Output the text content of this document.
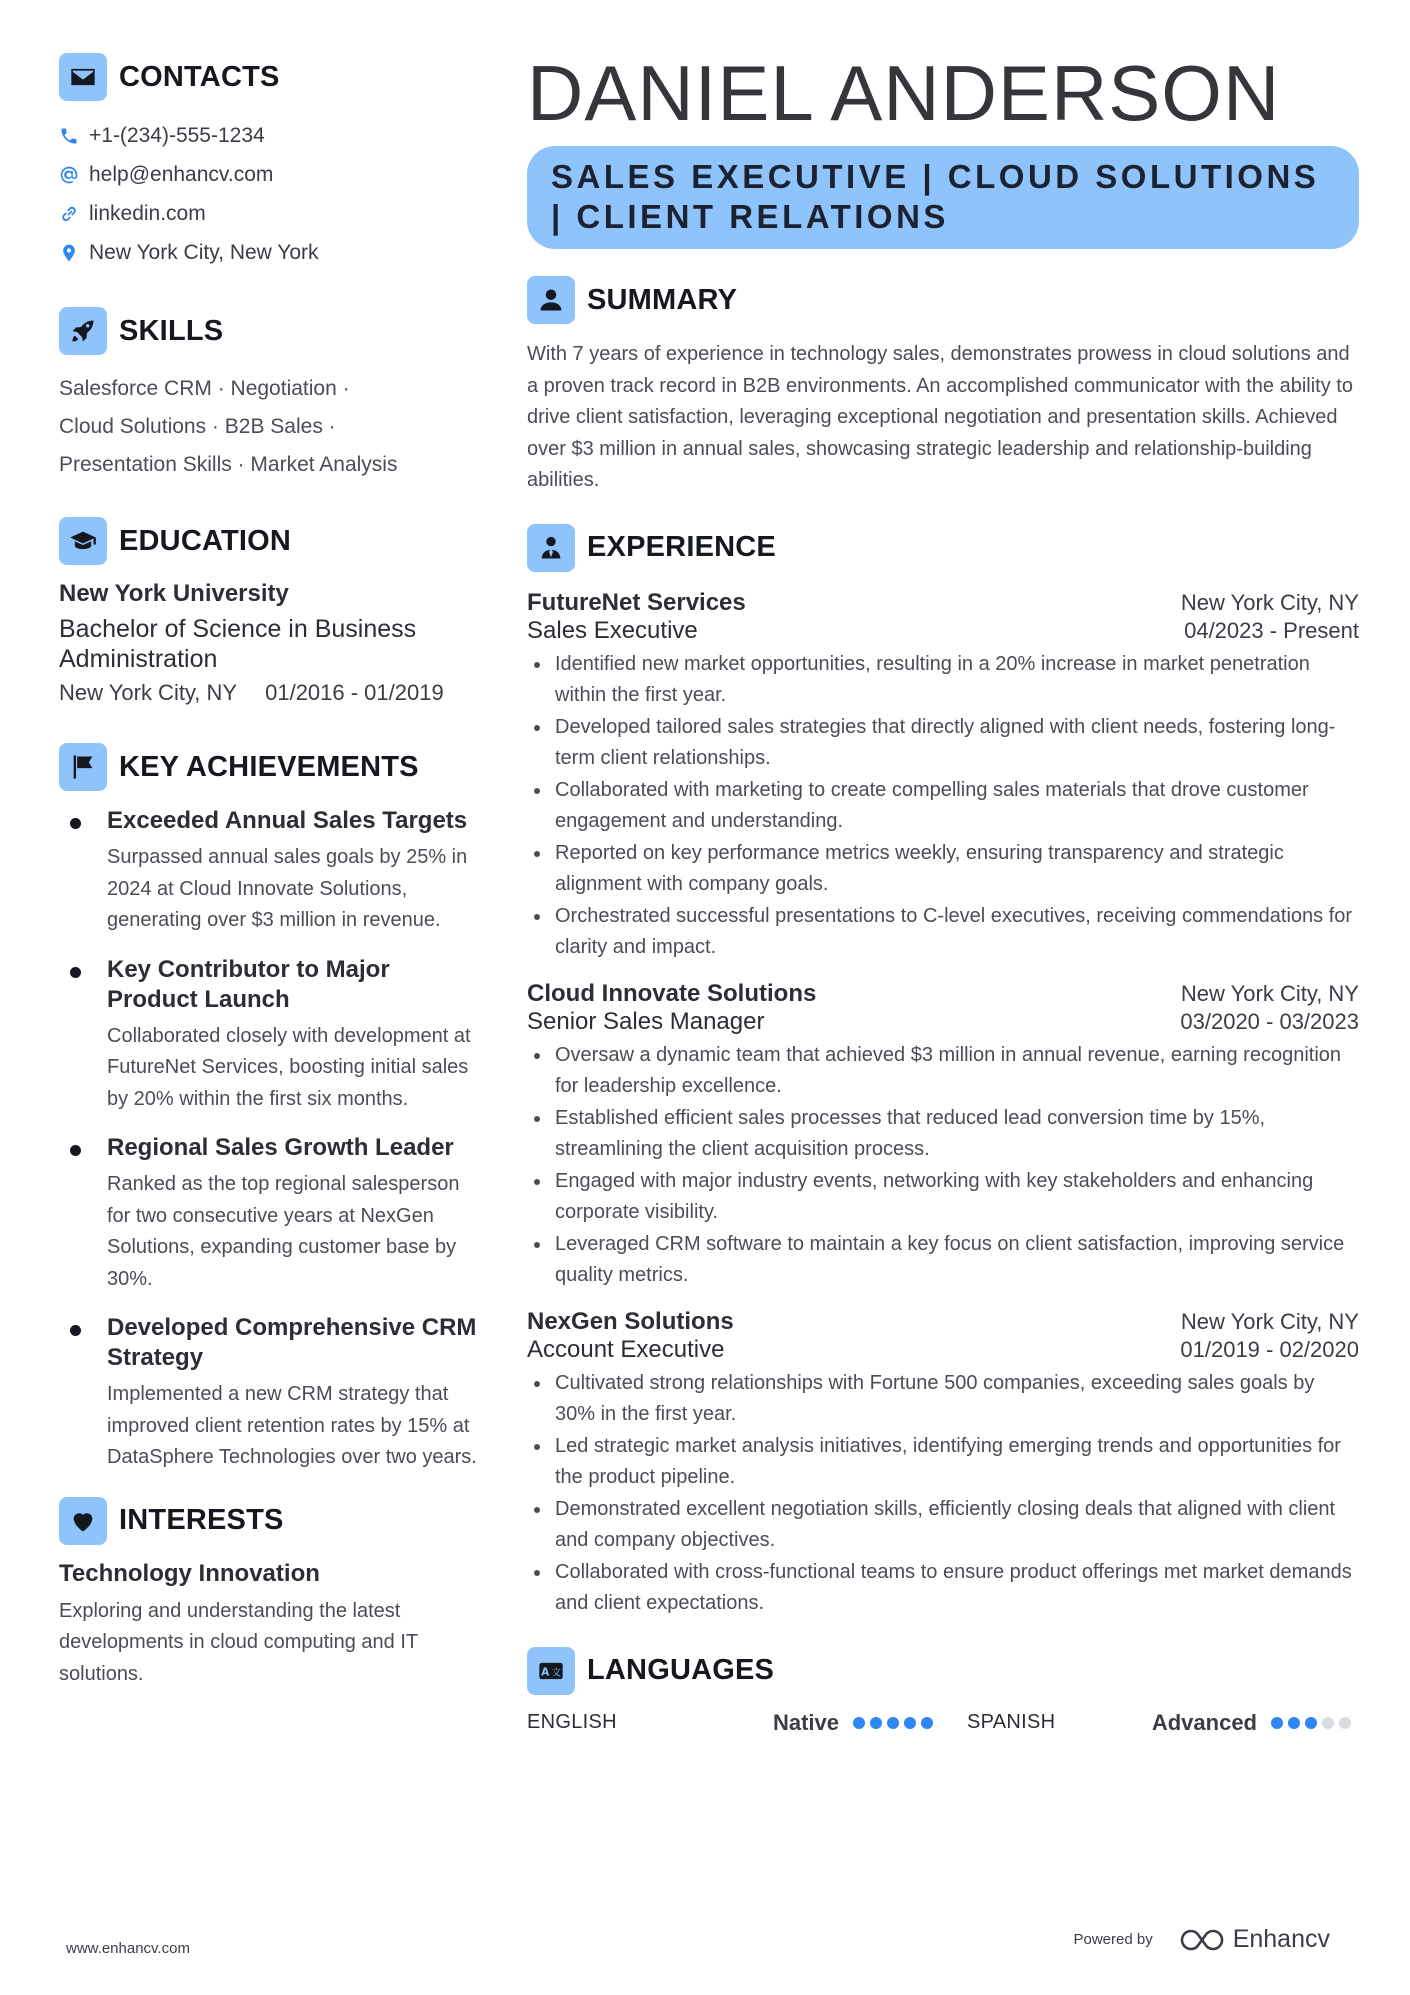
CONTACTS
+1-(234)-555-1234
help@enhancv.com
linkedin.com
New York City, New York
SKILLS
Salesforce CRM · Negotiation ·
Cloud Solutions · B2B Sales ·
Presentation Skills · Market Analysis
EDUCATION
New York University
Bachelor of Science in Business Administration
New York City, NY 01/2016 - 01/2019
KEY ACHIEVEMENTS
Exceeded Annual Sales Targets
Surpassed annual sales goals by 25% in 2024 at Cloud Innovate Solutions, generating over $3 million in revenue.
Key Contributor to Major Product Launch
Collaborated closely with development at FutureNet Services, boosting initial sales by 20% within the first six months.
Regional Sales Growth Leader
Ranked as the top regional salesperson for two consecutive years at NexGen Solutions, expanding customer base by 30%.
Developed Comprehensive CRM Strategy
Implemented a new CRM strategy that improved client retention rates by 15% at DataSphere Technologies over two years.
INTERESTS
Technology Innovation
Exploring and understanding the latest developments in cloud computing and IT solutions.
DANIEL ANDERSON
SALES EXECUTIVE | CLOUD SOLUTIONS | CLIENT RELATIONS
SUMMARY

With 7 years of experience in technology sales, demonstrates prowess in cloud solutions and a proven track record in B2B environments. An accomplished communicator with the ability to drive client satisfaction, leveraging exceptional negotiation and presentation skills. Achieved over $3 million in annual sales, showcasing strategic leadership and relationship-building abilities.

EXPERIENCE
FutureNet Services	New York City, NY
Sales Executive	04/2023 - Present
Identified new market opportunities, resulting in a 20% increase in market penetration within the first year.
Developed tailored sales strategies that directly aligned with client needs, fostering long-term client relationships.
Collaborated with marketing to create compelling sales materials that drove customer engagement and understanding.
Reported on key performance metrics weekly, ensuring transparency and strategic alignment with company goals.
Orchestrated successful presentations to C-level executives, receiving commendations for clarity and impact.
Cloud Innovate Solutions	New York City, NY
Senior Sales Manager	03/2020 - 03/2023
Oversaw a dynamic team that achieved $3 million in annual revenue, earning recognition for leadership excellence.
Established efficient sales processes that reduced lead conversion time by 15%, streamlining the client acquisition process.
Engaged with major industry events, networking with key stakeholders and enhancing corporate visibility.
Leveraged CRM software to maintain a key focus on client satisfaction, improving service quality metrics.
NexGen Solutions	New York City, NY
Account Executive	01/2019 - 02/2020
Cultivated strong relationships with Fortune 500 companies, exceeding sales goals by 30% in the first year.
Led strategic market analysis initiatives, identifying emerging trends and opportunities for the product pipeline.
Demonstrated excellent negotiation skills, efficiently closing deals that aligned with client and company objectives.
Collaborated with cross-functional teams to ensure product offerings met market demands and client expectations.
A 文 LANGUAGES
ENGLISH	Native	SPANISH	Advanced
www.enhancv.com
Powered by	Enhancv
